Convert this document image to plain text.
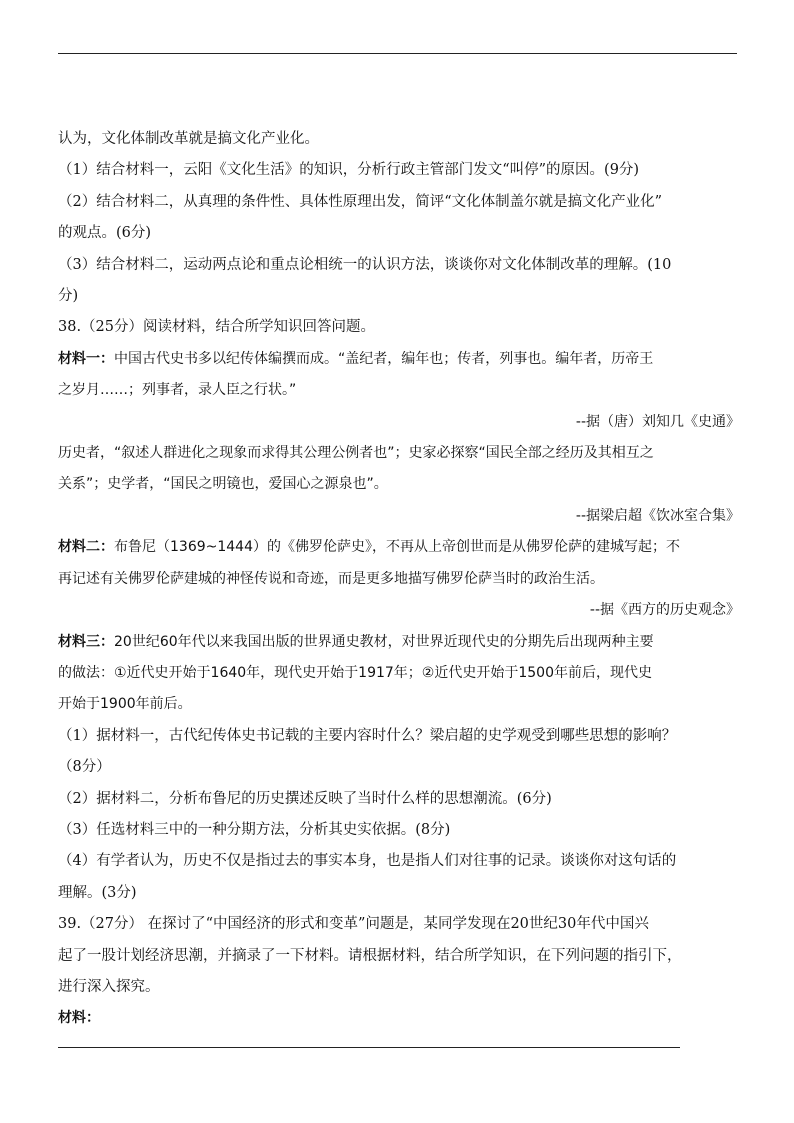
认为，文化体制改革就是搞文化产业化。

（1）结合材料一，云阳《文化生活》的知识，分析行政主管部门发文“叫停”的原因。(9分)

（2）结合材料二，从真理的条件性、具体性原理出发，简评“文化体制盖尔就是搞文化产业化”

的观点。(6分)

（3）结合材料二，运动两点论和重点论相统一的认识方法，谈谈你对文化体制改革的理解。(10

分)

38.（25分）阅读材料，结合所学知识回答问题。

材料一：中国古代史书多以纪传体编撰而成。“盖纪者，编年也；传者，列事也。编年者，历帝王

之岁月……；列事者，录人臣之行状。”

--据（唐）刘知几《史通》

历史者，“叙述人群进化之现象而求得其公理公例者也”；史家必探察“国民全部之经历及其相互之

关系”；史学者，“国民之明镜也，爱国心之源泉也”。

--据梁启超《饮冰室合集》

材料二：布鲁尼（1369~1444）的《佛罗伦萨史》，不再从上帝创世而是从佛罗伦萨的建城写起；不

再记述有关佛罗伦萨建城的神怪传说和奇迹，而是更多地描写佛罗伦萨当时的政治生活。

--据《西方的历史观念》

材料三：20世纪60年代以来我国出版的世界通史教材，对世界近现代史的分期先后出现两种主要

的做法：①近代史开始于1640年，现代史开始于1917年；②近代史开始于1500年前后，现代史

开始于1900年前后。

（1）据材料一，古代纪传体史书记载的主要内容时什么？梁启超的史学观受到哪些思想的影响？

（8分）

（2）据材料二，分析布鲁尼的历史撰述反映了当时什么样的思想潮流。(6分)

（3）任选材料三中的一种分期方法，分析其史实依据。(8分)

（4）有学者认为，历史不仅是指过去的事实本身，也是指人们对往事的记录。谈谈你对这句话的

理解。(3分)

39.（27分） 在探讨了“中国经济的形式和变革”问题是，某同学发现在20世纪30年代中国兴

起了一股计划经济思潮，并摘录了一下材料。请根据材料，结合所学知识，在下列问题的指引下，

进行深入探究。

材料：
